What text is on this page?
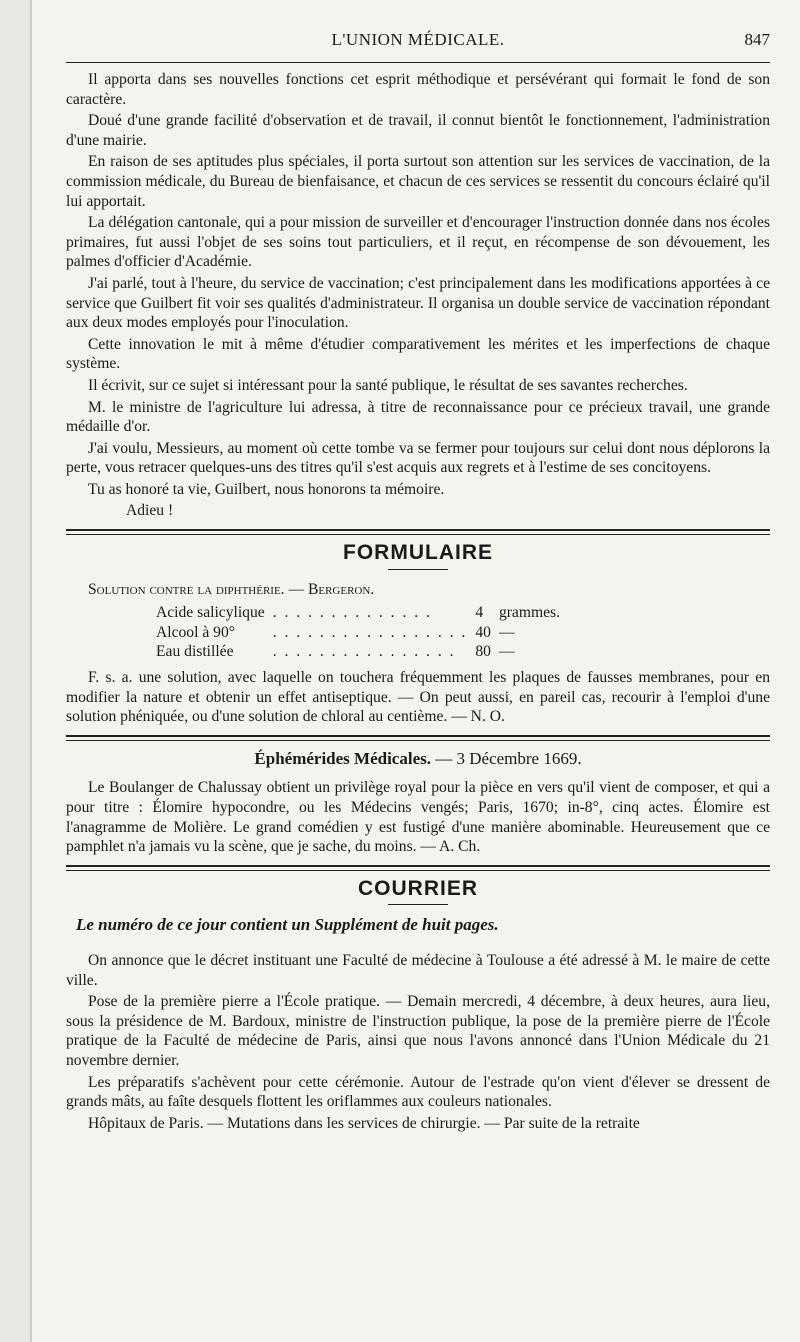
L'UNION MÉDICALE.	847

Il apporta dans ses nouvelles fonctions cet esprit méthodique et persévérant qui formait le fond de son caractère.

Doué d'une grande facilité d'observation et de travail, il connut bientôt le fonctionnement, l'administration d'une mairie.

En raison de ses aptitudes plus spéciales, il porta surtout son attention sur les services de vaccination, de la commission médicale, du Bureau de bienfaisance, et chacun de ces services se ressentit du concours éclairé qu'il lui apportait.

La délégation cantonale, qui a pour mission de surveiller et d'encourager l'instruction donnée dans nos écoles primaires, fut aussi l'objet de ses soins tout particuliers, et il reçut, en récompense de son dévouement, les palmes d'officier d'Académie.

J'ai parlé, tout à l'heure, du service de vaccination; c'est principalement dans les modifications apportées à ce service que Guilbert fit voir ses qualités d'administrateur. Il organisa un double service de vaccination répondant aux deux modes employés pour l'inoculation.

Cette innovation le mit à même d'étudier comparativement les mérites et les imperfections de chaque système.

Il écrivit, sur ce sujet si intéressant pour la santé publique, le résultat de ses savantes recherches.

M. le ministre de l'agriculture lui adressa, à titre de reconnaissance pour ce précieux travail, une grande médaille d'or.

J'ai voulu, Messieurs, au moment où cette tombe va se fermer pour toujours sur celui dont nous déplorons la perte, vous retracer quelques-uns des titres qu'il s'est acquis aux regrets et à l'estime de ses concitoyens.

Tu as honoré ta vie, Guilbert, nous honorons ta mémoire.

Adieu !

FORMULAIRE

Solution contre la diphthérie. — Bergeron.

Acide salicylique	. . . . . . . . . . . . . .	4	grammes.
Alcool à 90°	. . . . . . . . . . . . . . . . .	40	—
Eau distillée	. . . . . . . . . . . . . . . .	80	—

F. s. a. une solution, avec laquelle on touchera fréquemment les plaques de fausses membranes, pour en modifier la nature et obtenir un effet antiseptique. — On peut aussi, en pareil cas, recourir à l'emploi d'une solution phéniquée, ou d'une solution de chloral au centième. — N. O.

Éphémérides Médicales. — 3 Décembre 1669.

Le Boulanger de Chalussay obtient un privilège royal pour la pièce en vers qu'il vient de composer, et qui a pour titre : Élomire hypocondre, ou les Médecins vengés; Paris, 1670; in-8°, cinq actes. Élomire est l'anagramme de Molière. Le grand comédien y est fustigé d'une manière abominable. Heureusement que ce pamphlet n'a jamais vu la scène, que je sache, du moins. — A. Ch.

COURRIER

Le numéro de ce jour contient un Supplément de huit pages.

On annonce que le décret instituant une Faculté de médecine à Toulouse a été adressé à M. le maire de cette ville.

Pose de la première pierre a l'École pratique. — Demain mercredi, 4 décembre, à deux heures, aura lieu, sous la présidence de M. Bardoux, ministre de l'instruction publique, la pose de la première pierre de l'École pratique de la Faculté de médecine de Paris, ainsi que nous l'avons annoncé dans l'Union Médicale du 21 novembre dernier.

Les préparatifs s'achèvent pour cette cérémonie. Autour de l'estrade qu'on vient d'élever se dressent de grands mâts, au faîte desquels flottent les oriflammes aux couleurs nationales.

Hôpitaux de Paris. — Mutations dans les services de chirurgie. — Par suite de la retraite
